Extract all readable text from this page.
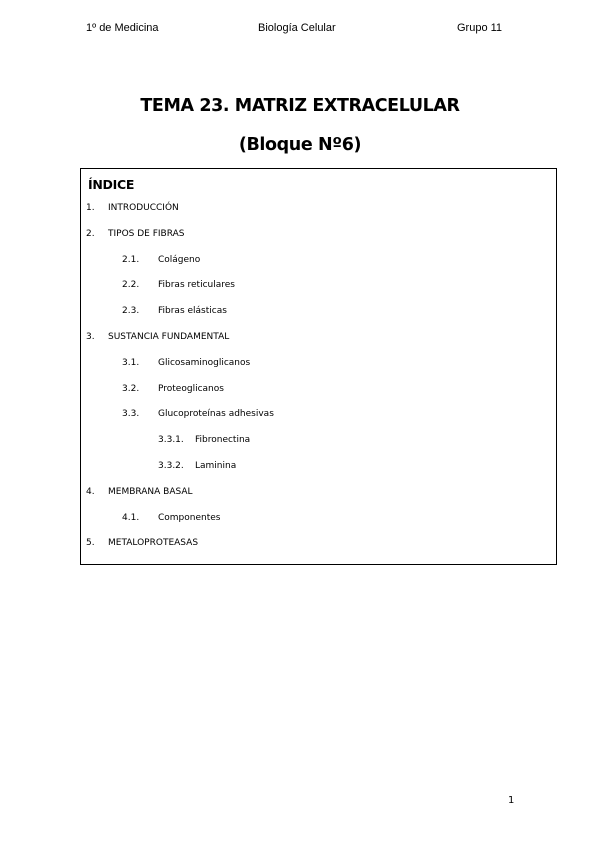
1º de Medicina	Biología Celular	Grupo 11
TEMA 23. MATRIZ EXTRACELULAR
(Bloque Nº6)
ÍNDICE
1. INTRODUCCIÓN
2. TIPOS DE FIBRAS
2.1. Colágeno
2.2. Fibras reticulares
2.3. Fibras elásticas
3. SUSTANCIA FUNDAMENTAL
3.1. Glicosaminoglicanos
3.2. Proteoglicanos
3.3. Glucoproteínas adhesivas
3.3.1. Fibronectina
3.3.2. Laminina
4. MEMBRANA BASAL
4.1. Componentes
5. METALOPROTEASAS
1
